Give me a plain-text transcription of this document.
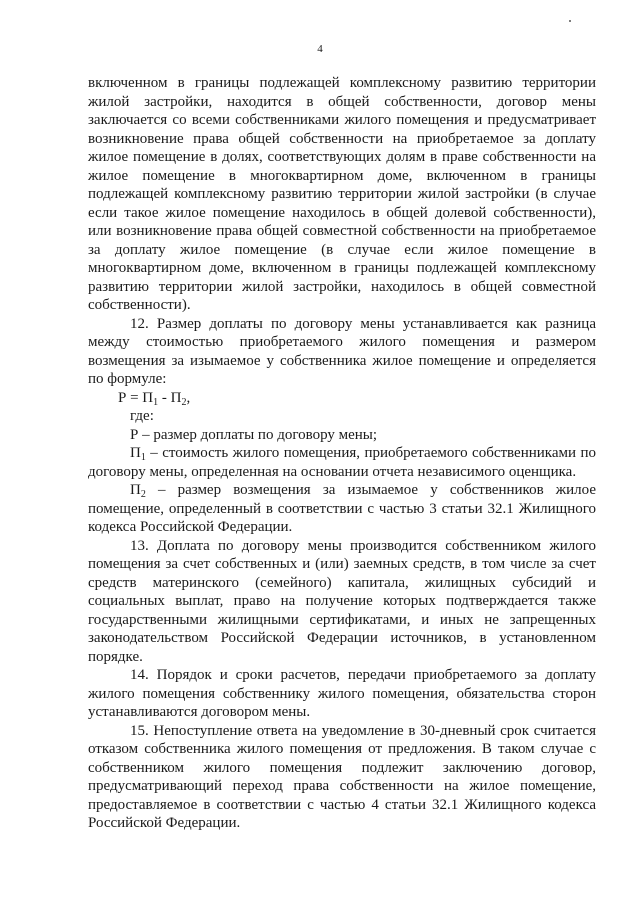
4

включенном в границы подлежащей комплексному развитию территории жилой застройки, находится в общей собственности, договор мены заключается со всеми собственниками жилого помещения и предусматривает возникновение права общей собственности на приобретаемое за доплату жилое помещение в долях, соответствующих долям в праве собственности на жилое помещение в многоквартирном доме, включенном в границы подлежащей комплексному развитию территории жилой застройки (в случае если такое жилое помещение находилось в общей долевой собственности), или возникновение права общей совместной собственности на приобретаемое за доплату жилое помещение (в случае если жилое помещение в многоквартирном доме, включенном в границы подлежащей комплексному развитию территории жилой застройки, находилось в общей совместной собственности).

12. Размер доплаты по договору мены устанавливается как разница между стоимостью приобретаемого жилого помещения и размером возмещения за изымаемое у собственника жилое помещение и определяется по формуле:

$Р = П_1 - П_2$,

где:

Р – размер доплаты по договору мены;

$П_1$ – стоимость жилого помещения, приобретаемого собственниками по договору мены, определенная на основании отчета независимого оценщика.

$П_2$ – размер возмещения за изымаемое у собственников жилое помещение, определенный в соответствии с частью 3 статьи 32.1 Жилищного кодекса Российской Федерации.

13. Доплата по договору мены производится собственником жилого помещения за счет собственных и (или) заемных средств, в том числе за счет средств материнского (семейного) капитала, жилищных субсидий и социальных выплат, право на получение которых подтверждается также государственными жилищными сертификатами, и иных не запрещенных законодательством Российской Федерации источников, в установленном порядке.

14. Порядок и сроки расчетов, передачи приобретаемого за доплату жилого помещения собственнику жилого помещения, обязательства сторон устанавливаются договором мены.

15. Непоступление ответа на уведомление в 30-дневный срок считается отказом собственника жилого помещения от предложения. В таком случае с собственником жилого помещения подлежит заключению договор, предусматривающий переход права собственности на жилое помещение, предоставляемое в соответствии с частью 4 статьи 32.1 Жилищного кодекса Российской Федерации.
